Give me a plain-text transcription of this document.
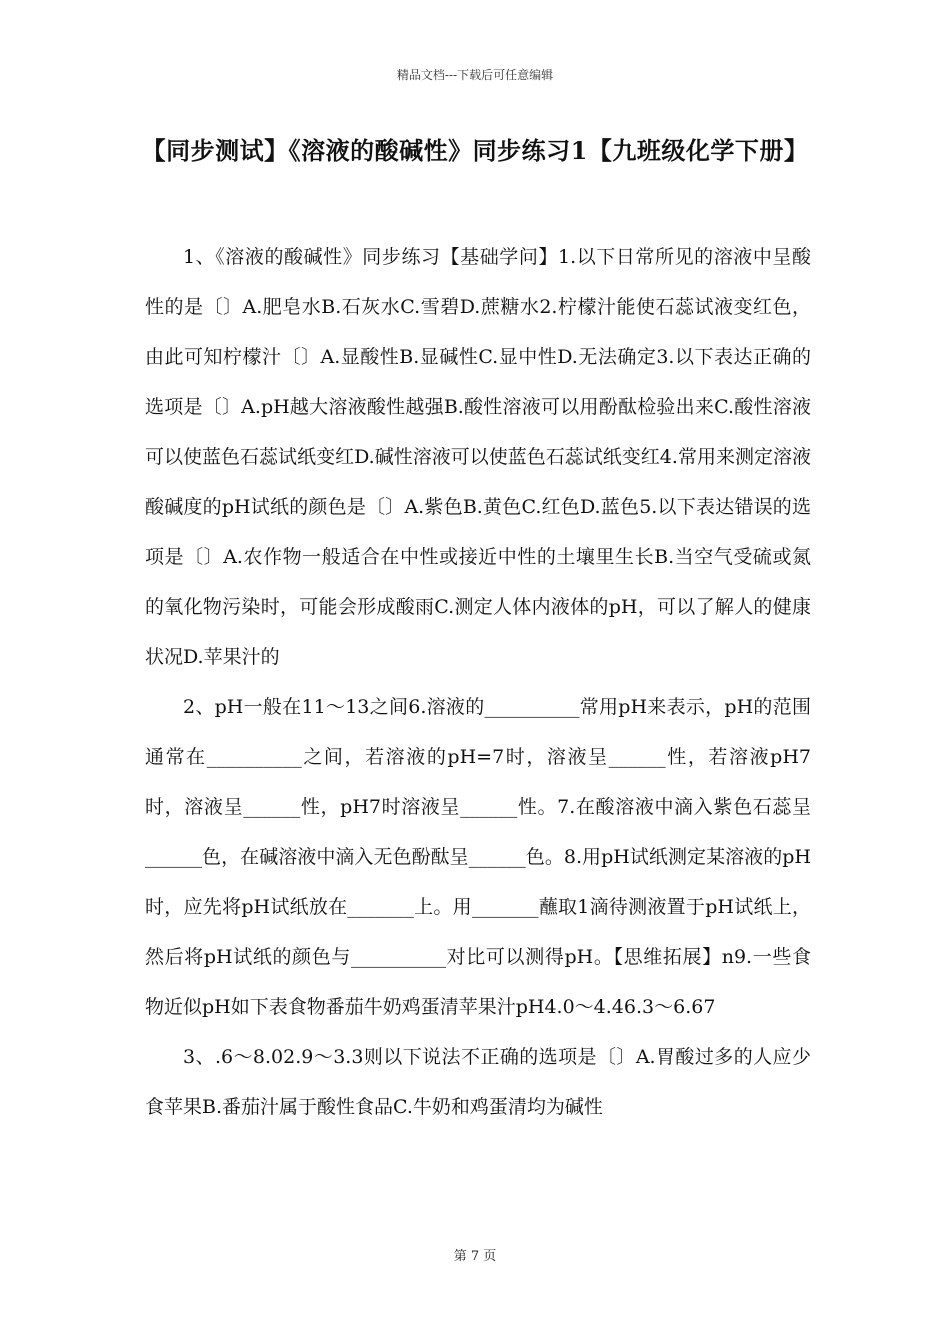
精品文档---下载后可任意编辑
【同步测试】《溶液的酸碱性》同步练习1【九班级化学下册】

1、《溶液的酸碱性》同步练习【基础学问】1.以下日常所见的溶液中呈酸性的是〔〕A.肥皂水B.石灰水C.雪碧D.蔗糖水2.柠檬汁能使石蕊试液变红色，由此可知柠檬汁〔〕A.显酸性B.显碱性C.显中性D.无法确定3.以下表达正确的选项是〔〕A.pH越大溶液酸性越强B.酸性溶液可以用酚酞检验出来C.酸性溶液可以使蓝色石蕊试纸变红D.碱性溶液可以使蓝色石蕊试纸变红4.常用来测定溶液酸碱度的pH试纸的颜色是〔〕A.紫色B.黄色C.红色D.蓝色5.以下表达错误的选项是〔〕A.农作物一般适合在中性或接近中性的土壤里生长B.当空气受硫或氮的氧化物污染时，可能会形成酸雨C.测定人体内液体的pH，可以了解人的健康状况D.苹果汁的

2、pH一般在11～13之间6.溶液的__________常用pH来表示，pH的范围通常在__________之间，若溶液的pH=7时，溶液呈______性，若溶液pH7时，溶液呈______性，pH7时溶液呈______性。7.在酸溶液中滴入紫色石蕊呈______色，在碱溶液中滴入无色酚酞呈______色。8.用pH试纸测定某溶液的pH时，应先将pH试纸放在_______上。用_______蘸取1滴待测液置于pH试纸上，然后将pH试纸的颜色与__________对比可以测得pH。【思维拓展】n9.一些食物近似pH如下表食物番茄牛奶鸡蛋清苹果汁pH4.0～4.46.3～6.67

3、.6～8.02.9～3.3则以下说法不正确的选项是〔〕A.胃酸过多的人应少食苹果B.番茄汁属于酸性食品C.牛奶和鸡蛋清均为碱性

第 7 页
